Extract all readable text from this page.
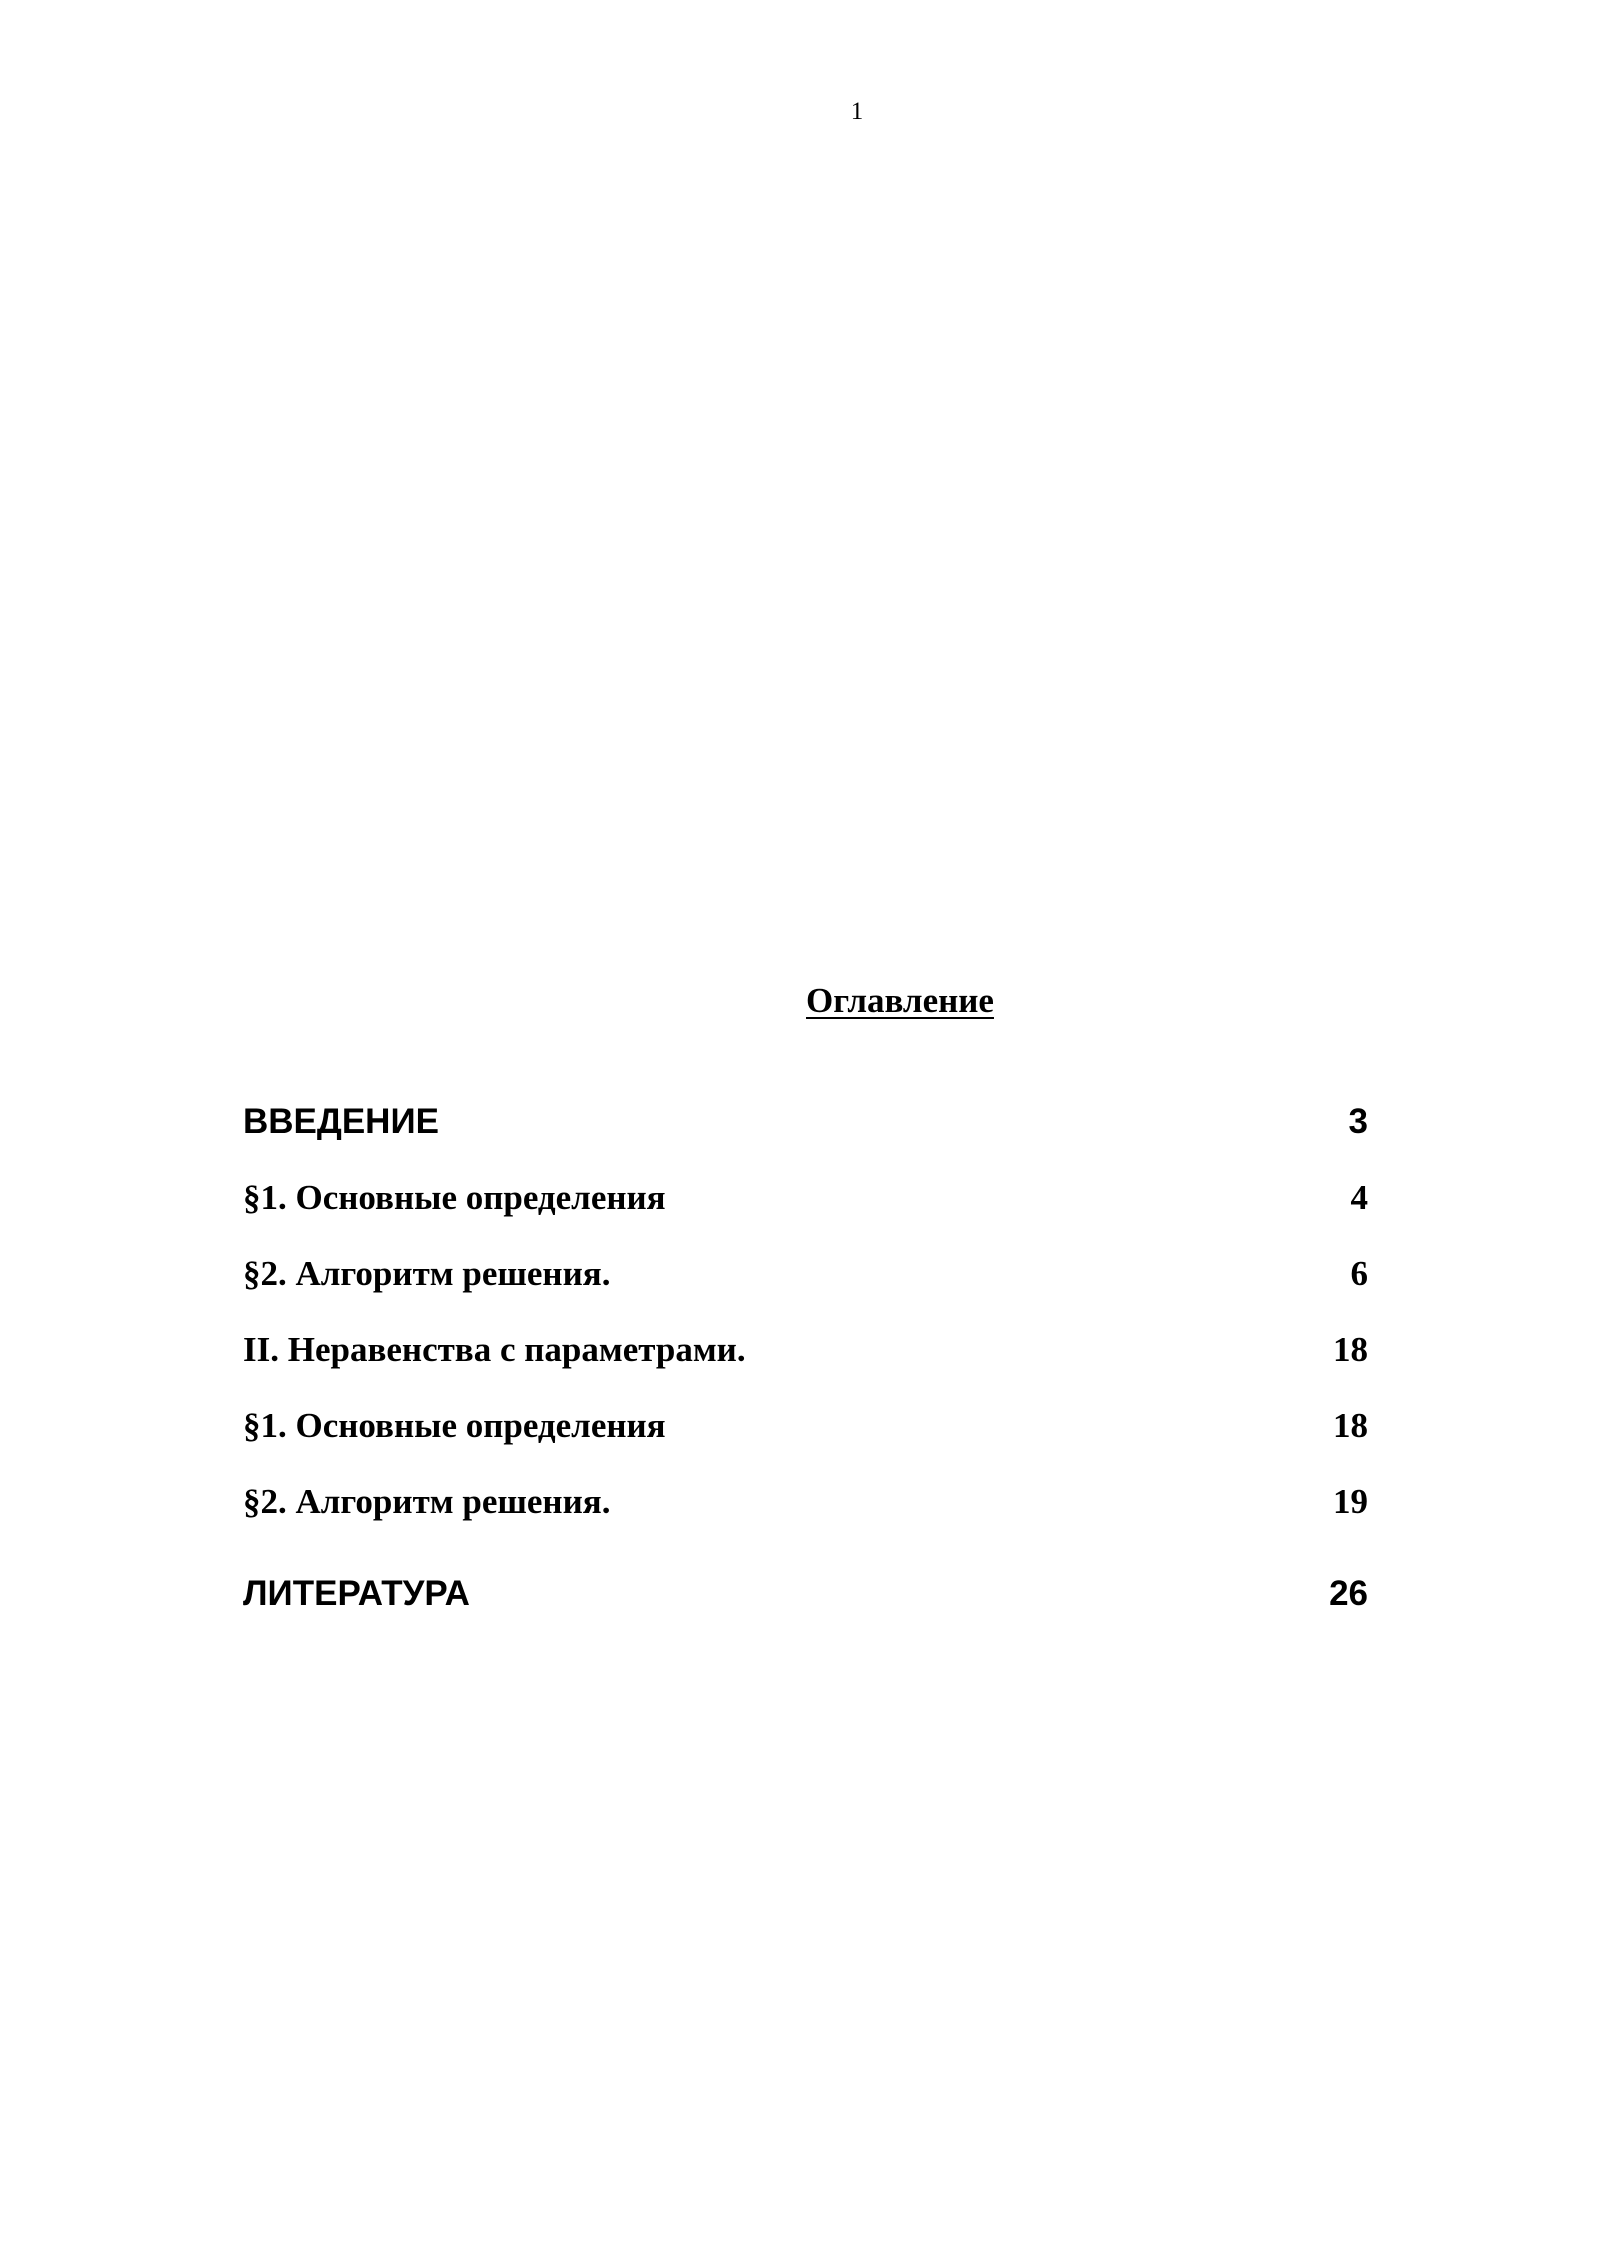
1
Оглавление
ВВЕДЕНИЕ	3
§1. Основные определения	4
§2. Алгоритм решения.	6
II. Неравенства с параметрами.	18
§1. Основные определения	18
§2. Алгоритм решения.	19
ЛИТЕРАТУРА	26
